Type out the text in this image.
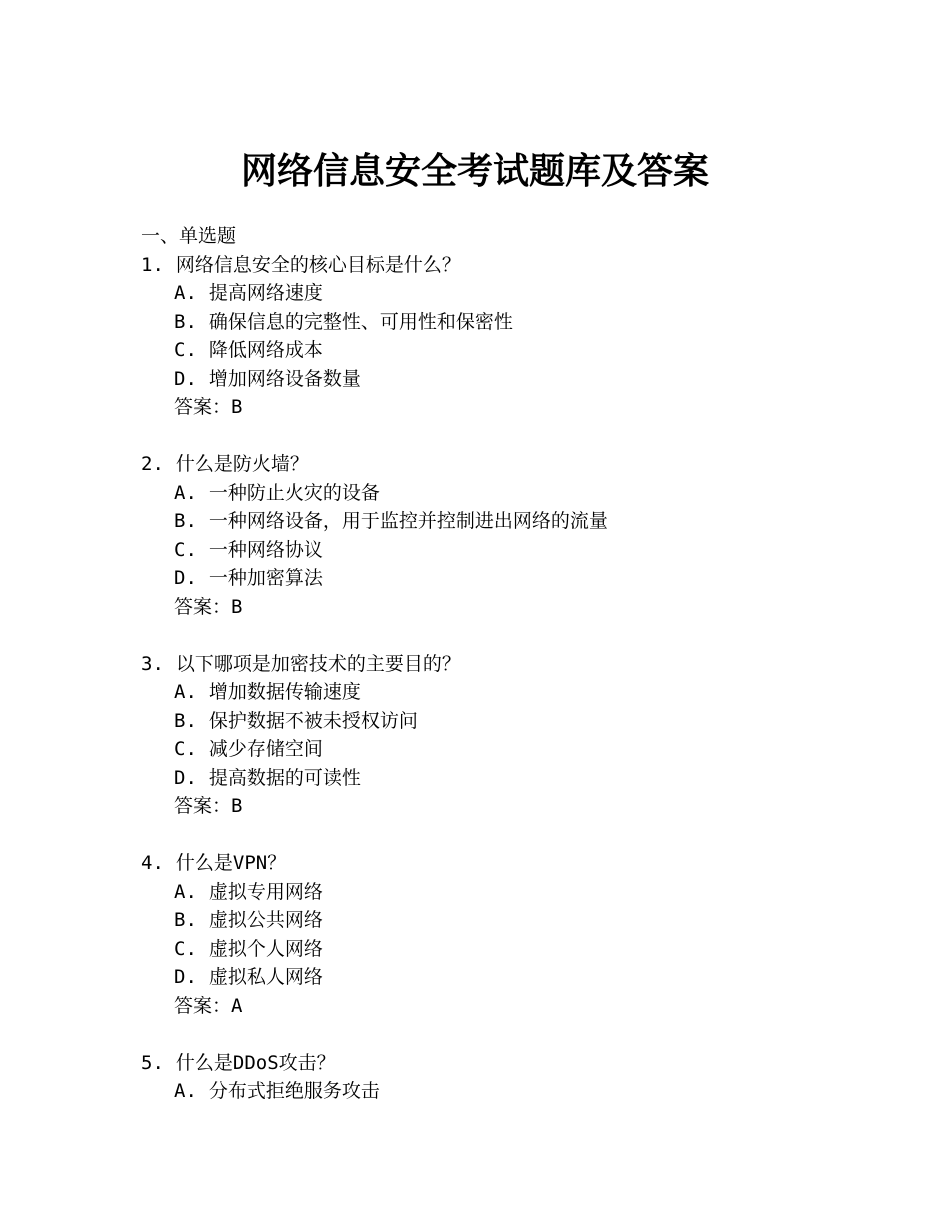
网络信息安全考试题库及答案
一、单选题
1. 网络信息安全的核心目标是什么？
A. 提高网络速度
B. 确保信息的完整性、可用性和保密性
C. 降低网络成本
D. 增加网络设备数量
答案：B
2. 什么是防火墙？
A. 一种防止火灾的设备
B. 一种网络设备，用于监控并控制进出网络的流量
C. 一种网络协议
D. 一种加密算法
答案：B
3. 以下哪项是加密技术的主要目的？
A. 增加数据传输速度
B. 保护数据不被未授权访问
C. 减少存储空间
D. 提高数据的可读性
答案：B
4. 什么是VPN？
A. 虚拟专用网络
B. 虚拟公共网络
C. 虚拟个人网络
D. 虚拟私人网络
答案：A
5. 什么是DDoS攻击？
A. 分布式拒绝服务攻击
